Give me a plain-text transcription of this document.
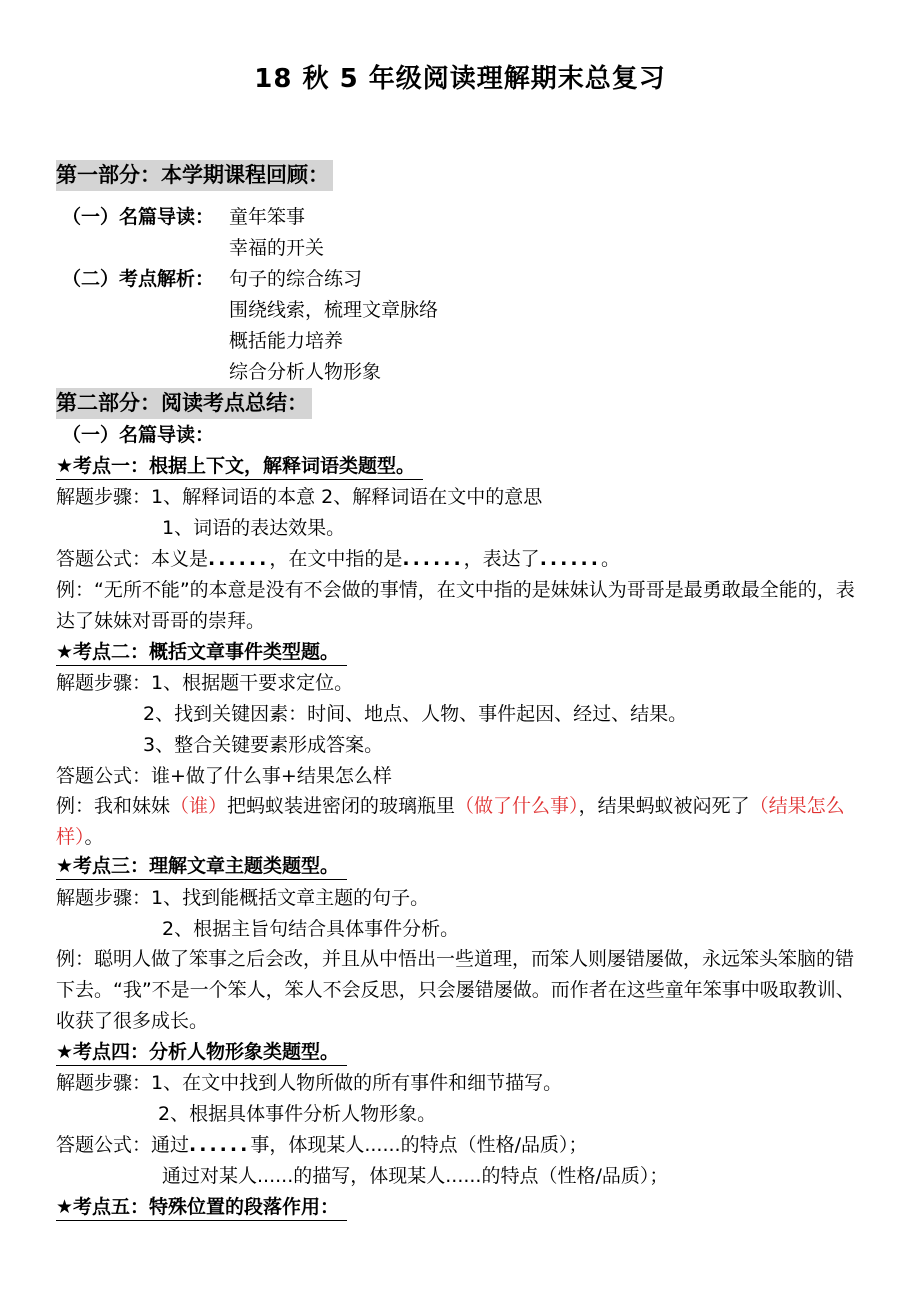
18 秋 5 年级阅读理解期末总复习
第一部分：本学期课程回顾：
（一）名篇导读： 童年笨事
幸福的开关
（二）考点解析： 句子的综合练习
围绕线索，梳理文章脉络
概括能力培养
综合分析人物形象
第二部分：阅读考点总结：
（一）名篇导读：
★考点一：根据上下文，解释词语类题型。
解题步骤：1、解释词语的本意 2、解释词语在文中的意思
1、词语的表达效果。
答题公式：本义是......，在文中指的是......，表达了......。
例：“无所不能”的本意是没有不会做的事情，在文中指的是妹妹认为哥哥是最勇敢最全能的，表达了妹妹对哥哥的崇拜。
★考点二：概括文章事件类型题。
解题步骤：1、根据题干要求定位。
2、找到关键因素：时间、地点、人物、事件起因、经过、结果。
3、整合关键要素形成答案。
答题公式：谁+做了什么事+结果怎么样
例：我和妹妹（谁）把蚂蚁装进密闭的玻璃瓶里（做了什么事），结果蚂蚁被闷死了（结果怎么样）。
★考点三：理解文章主题类题型。
解题步骤：1、找到能概括文章主题的句子。
2、根据主旨句结合具体事件分析。
例：聪明人做了笨事之后会改，并且从中悟出一些道理，而笨人则屡错屡做，永远笨头笨脑的错下去。“我”不是一个笨人，笨人不会反思，只会屡错屡做。而作者在这些童年笨事中吸取教训、收获了很多成长。
★考点四：分析人物形象类题型。
解题步骤：1、在文中找到人物所做的所有事件和细节描写。
2、根据具体事件分析人物形象。
答题公式：通过......事，体现某人......的特点（性格/品质）；
通过对某人......的描写，体现某人......的特点（性格/品质）；
★考点五：特殊位置的段落作用：
